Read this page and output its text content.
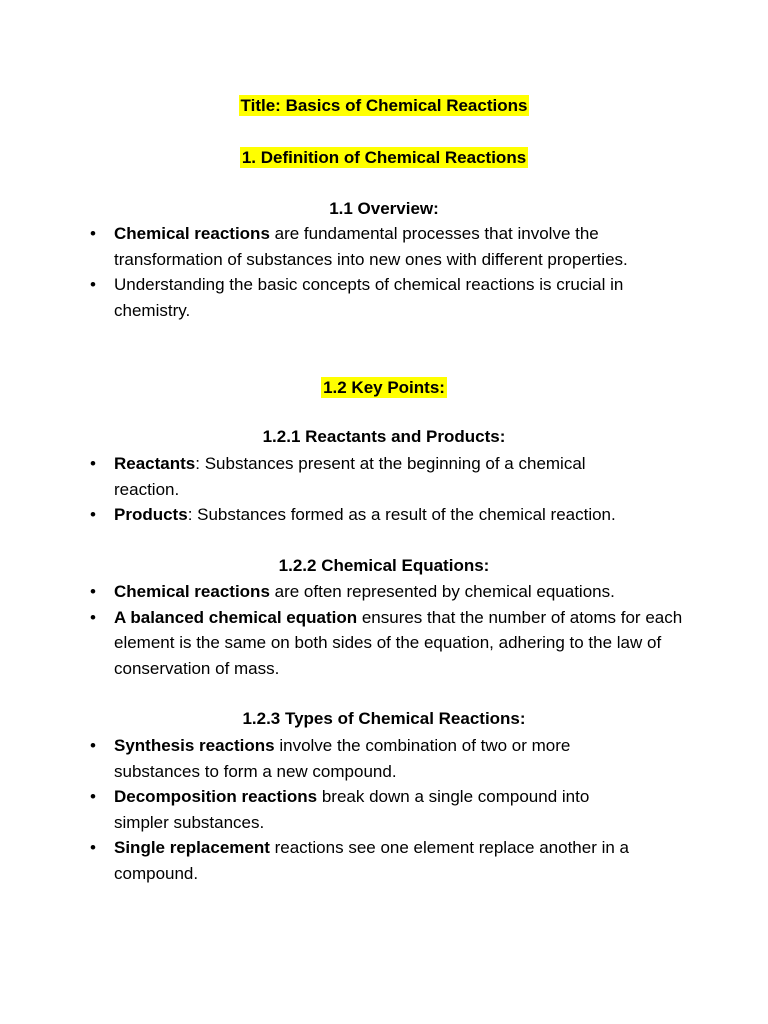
Title: Basics of Chemical Reactions
1. Definition of Chemical Reactions
1.1 Overview:
• Chemical reactions are fundamental processes that involve the transformation of substances into new ones with different properties.
• Understanding the basic concepts of chemical reactions is crucial in chemistry.
1.2 Key Points:
1.2.1 Reactants and Products:
• Reactants: Substances present at the beginning of a chemical reaction.
• Products: Substances formed as a result of the chemical reaction.
1.2.2 Chemical Equations:
• Chemical reactions are often represented by chemical equations.
• A balanced chemical equation ensures that the number of atoms for each element is the same on both sides of the equation, adhering to the law of conservation of mass.
1.2.3 Types of Chemical Reactions:
• Synthesis reactions involve the combination of two or more substances to form a new compound.
• Decomposition reactions break down a single compound into simpler substances.
• Single replacement reactions see one element replace another in a compound.
